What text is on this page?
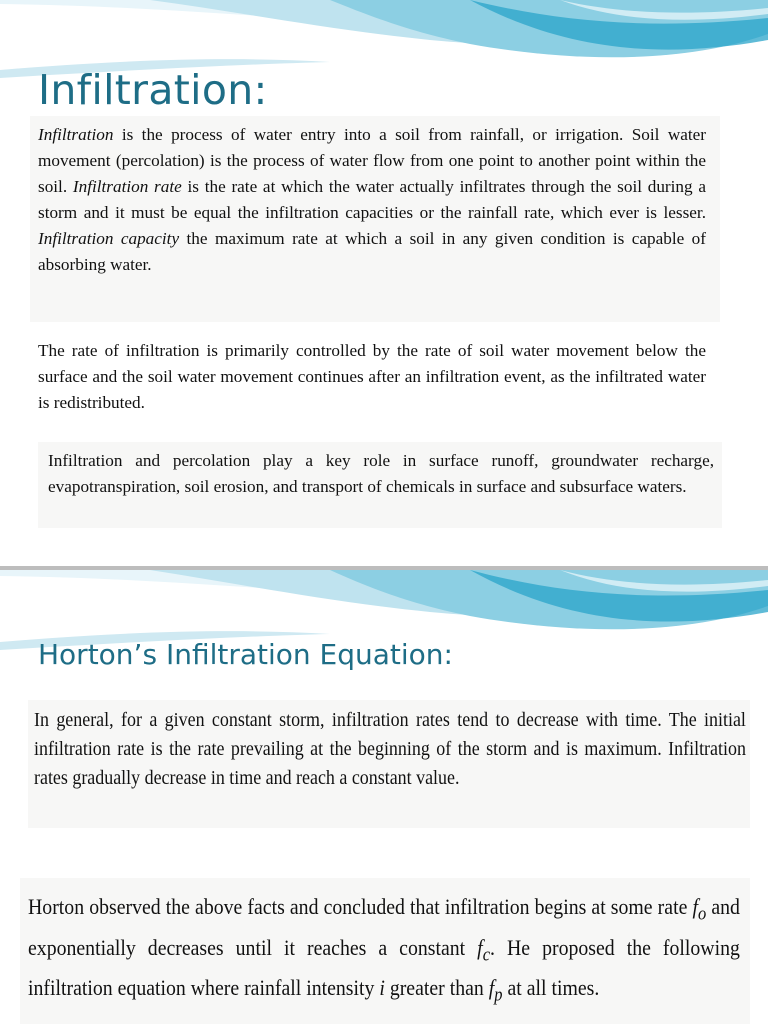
Infiltration:

Infiltration is the process of water entry into a soil from rainfall, or irrigation. Soil water movement (percolation) is the process of water flow from one point to another point within the soil. Infiltration rate is the rate at which the water actually infiltrates through the soil during a storm and it must be equal the infiltration capacities or the rainfall rate, which ever is lesser. Infiltration capacity the maximum rate at which a soil in any given condition is capable of absorbing water.

The rate of infiltration is primarily controlled by the rate of soil water movement below the surface and the soil water movement continues after an infiltration event, as the infiltrated water is redistributed.

Infiltration and percolation play a key role in surface runoff, groundwater recharge, evapotranspiration, soil erosion, and transport of chemicals in surface and subsurface waters.

Horton’s Infiltration Equation:

In general, for a given constant storm, infiltration rates tend to decrease with time. The initial infiltration rate is the rate prevailing at the beginning of the storm and is maximum. Infiltration rates gradually decrease in time and reach a constant value.

Horton observed the above facts and concluded that infiltration begins at some rate $f_o$ and exponentially decreases until it reaches a constant $f_c$. He proposed the following infiltration equation where rainfall intensity i greater than $f_p$ at all times.
